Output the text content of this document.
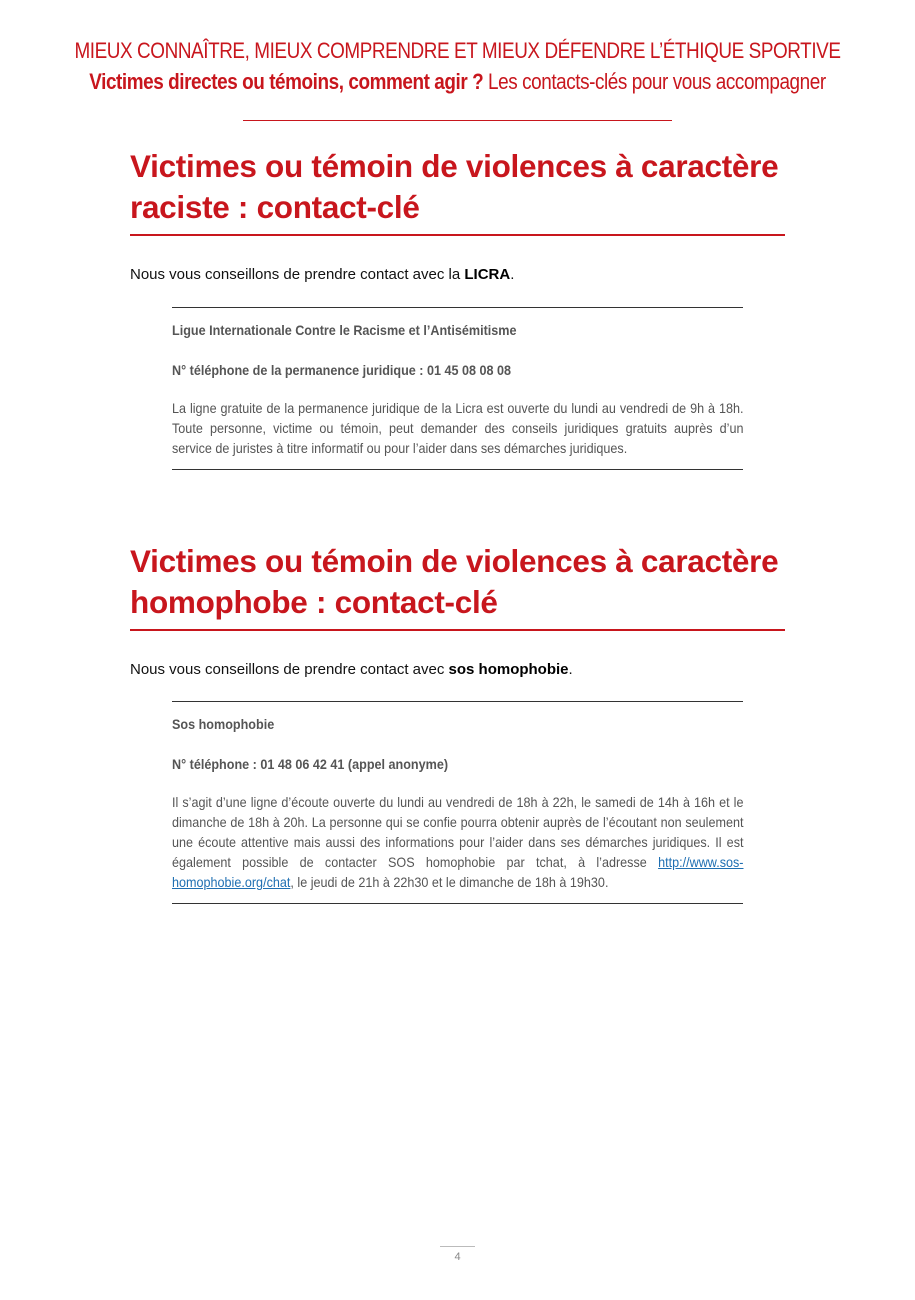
MIEUX CONNAÎTRE, MIEUX COMPRENDRE ET MIEUX DÉFENDRE L’ÉTHIQUE SPORTIVE
Victimes directes ou témoins, comment agir ? Les contacts-clés pour vous accompagner
Victimes ou témoin de violences à caractère
raciste : contact-clé

Nous vous conseillons de prendre contact avec la LICRA.

Ligue Internationale Contre le Racisme et l’Antisémitisme
N° téléphone de la permanence juridique : 01 45 08 08 08

La ligne gratuite de la permanence juridique de la Licra est ouverte du lundi au vendredi de 9h à 18h. Toute personne, victime ou témoin, peut demander des conseils juridiques gratuits auprès d’un service de juristes à titre informatif ou pour l’aider dans ses démarches juridiques.

Victimes ou témoin de violences à caractère
homophobe : contact-clé

Nous vous conseillons de prendre contact avec sos homophobie.

Sos homophobie
N° téléphone : 01 48 06 42 41 (appel anonyme)

Il s’agit d’une ligne d’écoute ouverte du lundi au vendredi de 18h à 22h, le samedi de 14h à 16h et le dimanche de 18h à 20h. La personne qui se confie pourra obtenir auprès de l’écoutant non seulement une écoute attentive mais aussi des informations pour l’aider dans ses démarches juridiques. Il est également possible de contacter SOS homophobie par tchat, à l’adresse http://www.sos-homophobie.org/chat, le jeudi de 21h à 22h30 et le dimanche de 18h à 19h30.

4
